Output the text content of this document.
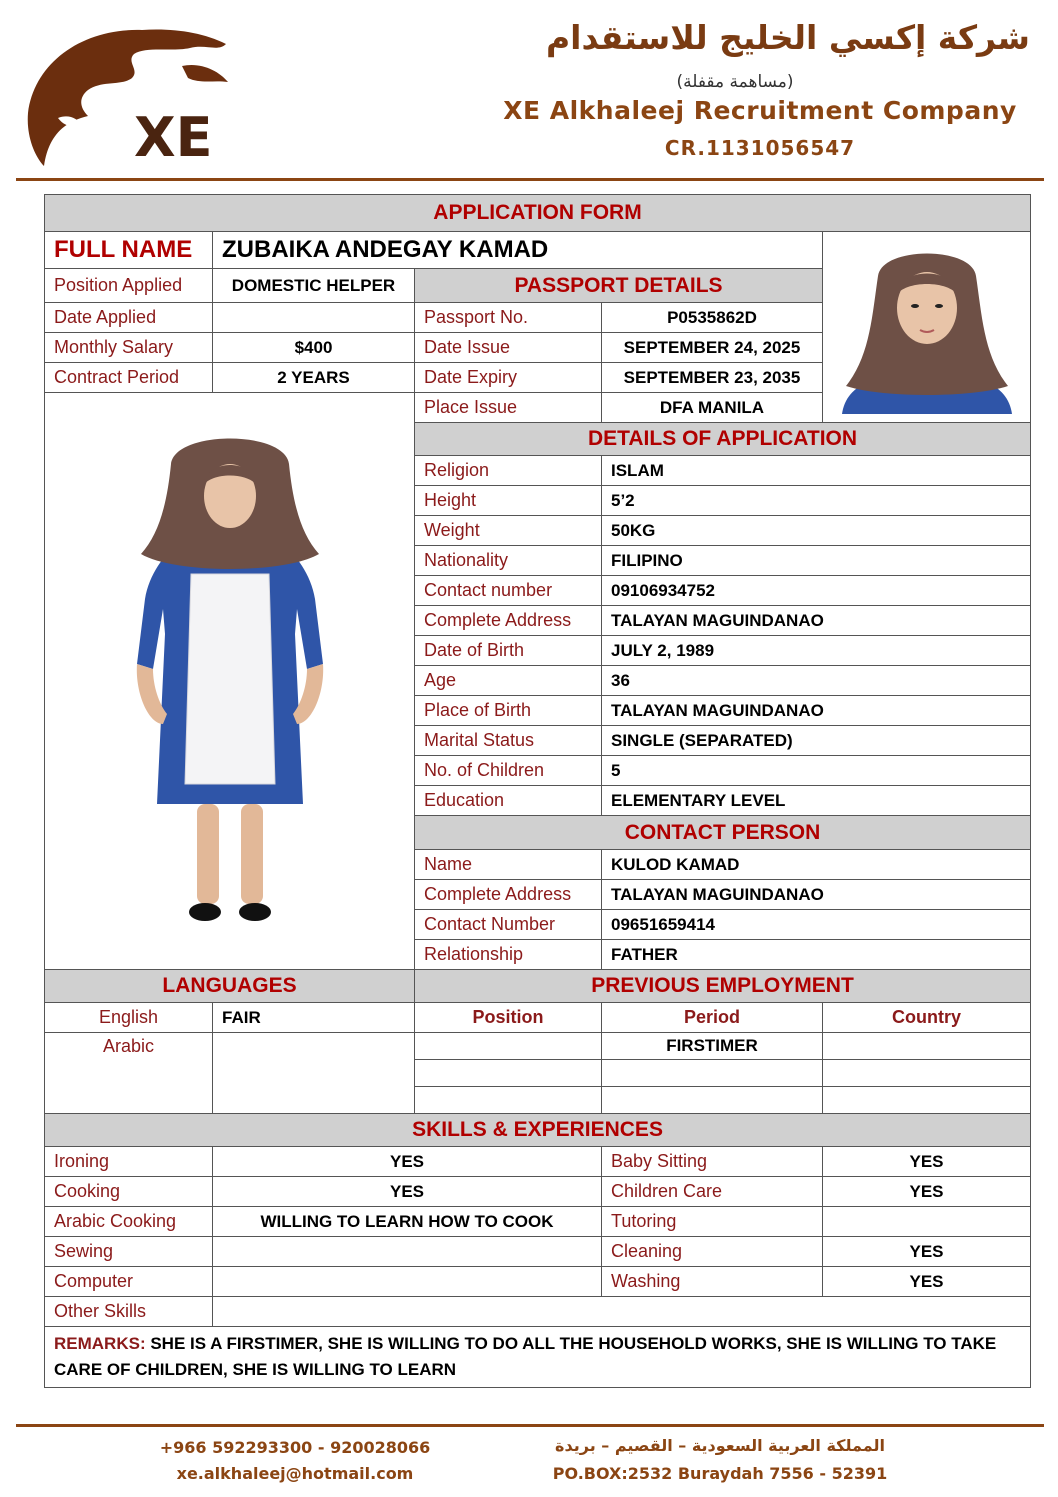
XE
شركة إكسي الخليج للاستقدام
(مساهمة مقفلة)
XE Alkhaleej Recruitment Company
CR.1131056547
APPLICATION FORM				
FULL NAME	ZUBAIKA ANDEGAY KAMAD	
Position Applied	DOMESTIC HELPER	PASSPORT DETAILS		
Date Applied		Passport No.	P0535862D	
Monthly Salary	$400	Date Issue	SEPTEMBER 24, 2025	
Contract Period	2 YEARS	Date Expiry	SEPTEMBER 23, 2035	
	Place Issue	DFA MANILA	
		DETAILS OF APPLICATION		
		Religion	ISLAM	
		Height	5’2	
		Weight	50KG	
		Nationality	FILIPINO	
		Contact number	09106934752	
		Complete Address	TALAYAN MAGUINDANAO	
		Date of Birth	JULY 2, 1989	
		Age	36	
		Place of Birth	TALAYAN MAGUINDANAO	
		Marital Status	SINGLE (SEPARATED)	
		No. of Children	5	
		Education	ELEMENTARY LEVEL	
		CONTACT PERSON		
		Name	KULOD KAMAD	
		Complete Address	TALAYAN MAGUINDANAO	
		Contact Number	09651659414	
		Relationship	FATHER	
LANGUAGES		PREVIOUS EMPLOYMENT		
English	FAIR	Position	Period	Country
Arabic			FIRSTIMER	

SKILLS & EXPERIENCES				
Ironing	YES		Baby Sitting	YES
Cooking	YES		Children Care	YES
Arabic Cooking	WILLING TO LEARN HOW TO COOK		Tutoring	
Sewing			Cleaning	YES
Computer			Washing	YES
Other Skills				
REMARKS: SHE IS A FIRSTIMER, SHE IS WILLING TO DO ALL THE HOUSEHOLD WORKS, SHE IS WILLING TO TAKE CARE OF CHILDREN, SHE IS WILLING TO LEARN				
+966 592293300 - 920028066
xe.alkhaleej@hotmail.com
المملكة العربية السعودية – القصيم – بريدة
PO.BOX:2532 Buraydah 7556 - 52391
